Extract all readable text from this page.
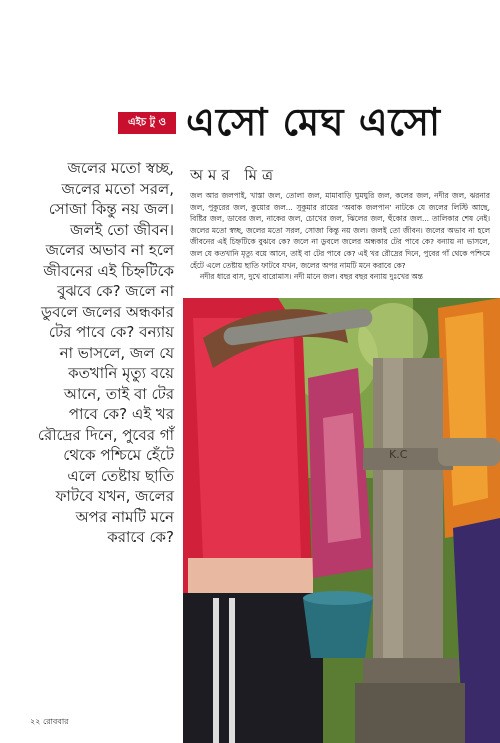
এইচ টু ও এসো মেঘ এসো
জলের মতো স্বচ্ছ, জলের মতো সরল, সোজা কিন্তু নয় জল। জলই তো জীবন। জলের অভাব না হলে জীবনের এই চিহ্নটিকে বুঝবে কে? জলে না ডুবলে জলের অন্ধকার টের পাবে কে? বন্যায় না ভাসলে, জল যে কতখানি মৃত্যু বয়ে আনে, তাই বা টের পাবে কে? এই খর রৌদ্রের দিনে, পুবের গাঁ থেকে পশ্চিমে হেঁটে এলে তেষ্টায় ছাতি ফাটবে যখন, জলের অপর নামটি মনে করাবে কে?
অমর মিত্র

জল আর জলপাই, খাস্তা জল, তোলা জল, মামাবাড়ি ঘুমঘুরি জল, কলের জল, নদীর জল, ঝরনার জল, পুকুরের জল, কুয়োর জল... সুকুমার রায়ের ‘অবাক জলপান’ নাটকে যে জলের লিস্টি আছে, বিষ্টির জল, ডাবের জল, নাকের জল, চোখের জল, ঝিলের জল, হুঁকোর জল... তালিকার শেষ নেই। জলের মতো স্বচ্ছ, জলের মতো সরল, সোজা কিন্তু নয় জল। জলই তো জীবন। জলের অভাব না হলে জীবনের এই চিহ্নটিকে বুঝবে কে? জলে না ডুবলে জলের অন্ধকার টের পাবে কে? বন্যায় না ভাসলে, জল যে কতখানি মৃত্যু বয়ে আনে, তাই বা টের পাবে কে? এই খর রৌদ্রের দিনে, পুবের গাঁ থেকে পশ্চিমে হেঁটে এলে তেষ্টায় ছাতি ফাটবে যখন, জলের অপর নামটি মনে করাবে কে?

নদীর ধারে বাস, দুখে বারোমাস। নদী মানে জল। বছর বছর বন্যায় দুঃখের অন্ত

K.C
২২ রোববার
